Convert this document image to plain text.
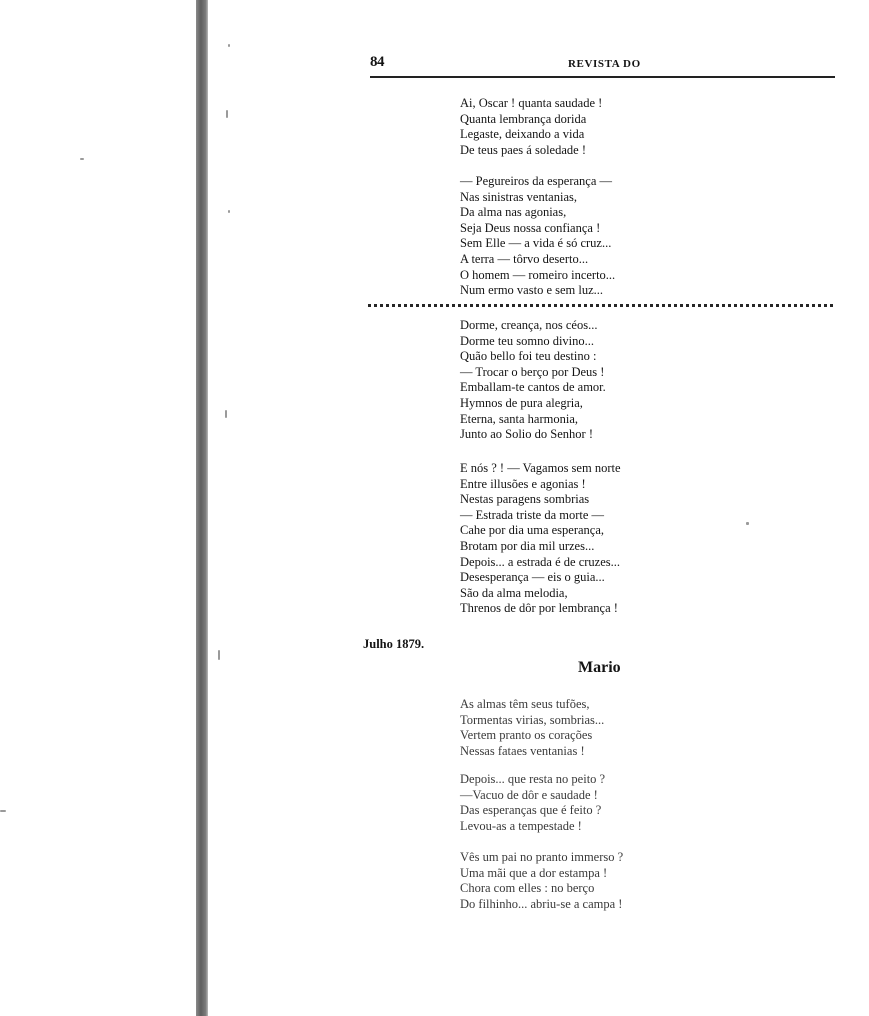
84	REVISTA DO
Ai, Oscar ! quanta saudade !
Quanta lembrança dorida
Legaste, deixando a vida
De teus paes á soledade !
— Pegureiros da esperança —
Nas sinistras ventanias,
Da alma nas agonias,
Seja Deus nossa confiança !
Sem Elle — a vida é só cruz...
A terra — tôrvo deserto...
O homem — romeiro incerto...
Num ermo vasto e sem luz...
Dorme, creança, nos céos...
Dorme teu somno divino...
Quão bello foi teu destino :
— Trocar o berço por Deus !
Emballam-te cantos de amor.
Hymnos de pura alegria,
Eterna, santa harmonia,
Junto ao Solio do Senhor !
E nós ? ! — Vagamos sem norte
Entre illusões e agonias !
Nestas paragens sombrias
— Estrada triste da morte —
Cahe por dia uma esperança,
Brotam por dia mil urzes...
Depois... a estrada é de cruzes...
Desesperança — eis o guia...
São da alma melodia,
Threnos de dôr por lembrança !
Julho 1879.
Mario
As almas têm seus tufões,
Tormentas virias, sombrias...
Vertem pranto os corações
Nessas fataes ventanias !
Depois... que resta no peito ?
—Vacuo de dôr e saudade !
Das esperanças que é feito ?
Levou-as a tempestade !
Vês um pai no pranto immerso ?
Uma mãi que a dor estampa !
Chora com elles : no berço
Do filhinho... abriu-se a campa !
